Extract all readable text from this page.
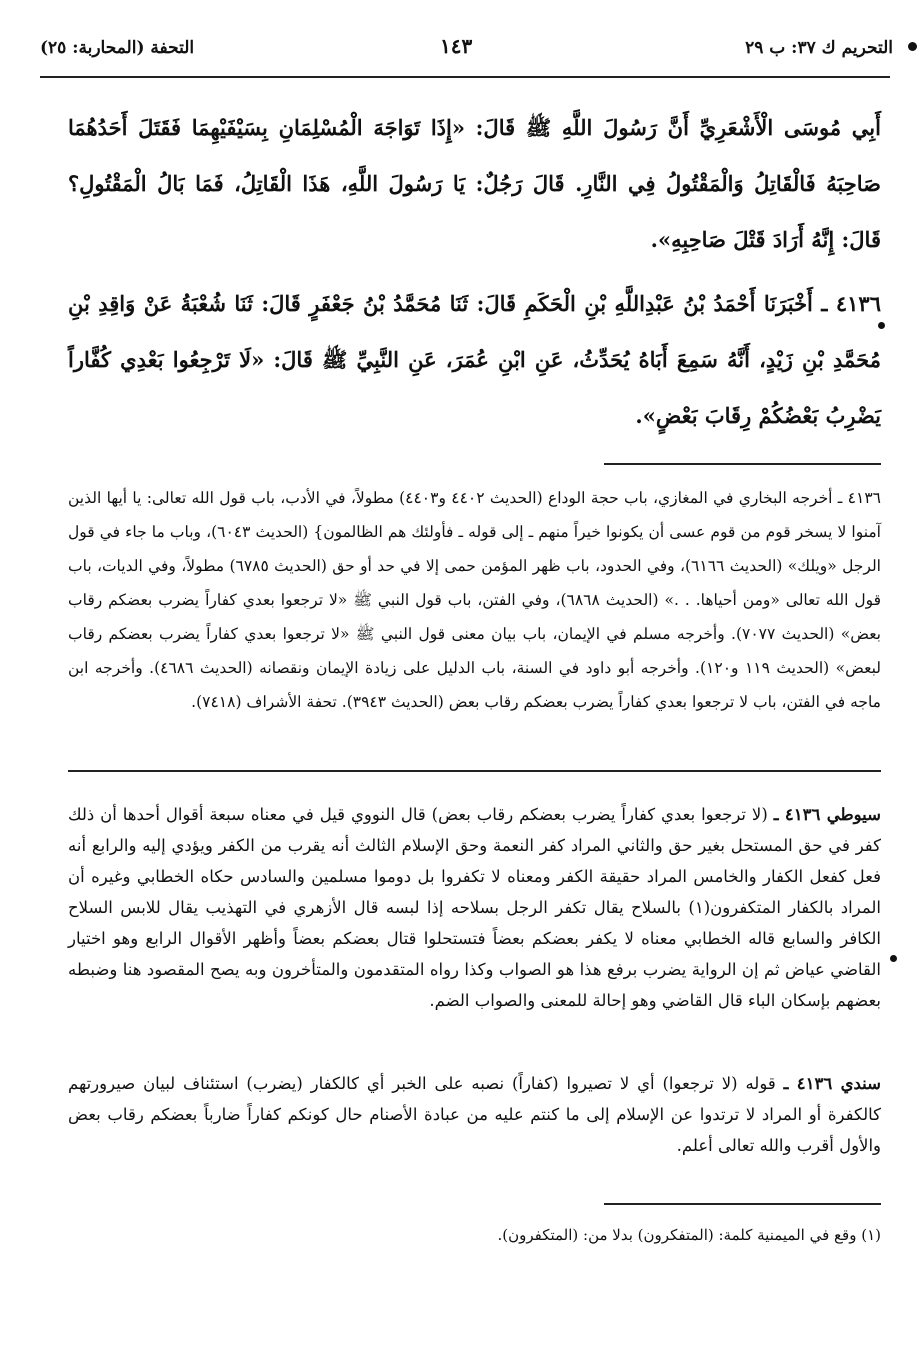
التحريم ك ٣٧: ب ٢٩
١٤٣
التحفة (المحاربة: ٢٥)
أَبِي مُوسَى الْأَشْعَرِيِّ أَنَّ رَسُولَ اللَّهِ ﷺ قَالَ: «إِذَا تَوَاجَهَ الْمُسْلِمَانِ بِسَيْفَيْهِمَا فَقَتَلَ أَحَدُهُمَا صَاحِبَهُ فَالْقَاتِلُ وَالْمَقْتُولُ فِي النَّارِ. قَالَ رَجُلٌ: يَا رَسُولَ اللَّهِ، هَذَا الْقَاتِلُ، فَمَا بَالُ الْمَقْتُولِ؟ قَالَ: إِنَّهُ أَرَادَ قَتْلَ صَاحِبِهِ».
٤١٣٦ ـ أَخْبَرَنَا أَحْمَدُ بْنُ عَبْدِاللَّهِ بْنِ الْحَكَمِ قَالَ: ثَنَا مُحَمَّدُ بْنُ جَعْفَرٍ قَالَ: ثَنَا شُعْبَةُ عَنْ وَاقِدِ بْنِ مُحَمَّدِ بْنِ زَيْدٍ، أَنَّهُ سَمِعَ أَبَاهُ يُحَدِّثُ، عَنِ ابْنِ عُمَرَ، عَنِ النَّبِيِّ ﷺ قَالَ: «لَا تَرْجِعُوا بَعْدِي كُفَّاراً يَضْرِبُ بَعْضُكُمْ رِقَابَ بَعْضٍ».
٤١٣٦ ـ أخرجه البخاري في المغازي، باب حجة الوداع (الحديث ٤٤٠٢ و٤٤٠٣) مطولاً، في الأدب، باب قول الله تعالى: يا أيها الذين آمنوا لا يسخر قوم من قوم عسى أن يكونوا خيراً منهم ـ إلى قوله ـ فأولئك هم الظالمون} (الحديث ٦٠٤٣)، وباب ما جاء في قول الرجل «ويلك» (الحديث ٦١٦٦)، وفي الحدود، باب ظهر المؤمن حمى إلا في حد أو حق (الحديث ٦٧٨٥) مطولاً، وفي الديات، باب قول الله تعالى «ومن أحياها. . .» (الحديث ٦٨٦٨)، وفي الفتن، باب قول النبي ﷺ «لا ترجعوا بعدي كفاراً يضرب بعضكم رقاب بعض» (الحديث ٧٠٧٧). وأخرجه مسلم في الإيمان، باب بيان معنى قول النبي ﷺ «لا ترجعوا بعدي كفاراً يضرب بعضكم رقاب لبعض» (الحديث ١١٩ و١٢٠). وأخرجه أبو داود في السنة، باب الدليل على زيادة الإيمان ونقصانه (الحديث ٤٦٨٦). وأخرجه ابن ماجه في الفتن، باب لا ترجعوا بعدي كفاراً يضرب بعضكم رقاب بعض (الحديث ٣٩٤٣). تحفة الأشراف (٧٤١٨).
سيوطي ٤١٣٦ ـ (لا ترجعوا بعدي كفاراً يضرب بعضكم رقاب بعض) قال النووي قيل في معناه سبعة أقوال أحدها أن ذلك كفر في حق المستحل بغير حق والثاني المراد كفر النعمة وحق الإسلام الثالث أنه يقرب من الكفر ويؤدي إليه والرابع أنه فعل كفعل الكفار والخامس المراد حقيقة الكفر ومعناه لا تكفروا بل دوموا مسلمين والسادس حكاه الخطابي وغيره أن المراد بالكفار المتكفرون(١) بالسلاح يقال تكفر الرجل بسلاحه إذا لبسه قال الأزهري في التهذيب يقال للابس السلاح الكافر والسابع قاله الخطابي معناه لا يكفر بعضكم بعضاً فتستحلوا قتال بعضكم بعضاً وأظهر الأقوال الرابع وهو اختيار القاضي عياض ثم إن الرواية يضرب برفع هذا هو الصواب وكذا رواه المتقدمون والمتأخرون وبه يصح المقصود هنا وضبطه بعضهم بإسكان الباء قال القاضي وهو إحالة للمعنى والصواب الضم.
سندي ٤١٣٦ ـ قوله (لا ترجعوا) أي لا تصيروا (كفاراً) نصبه على الخبر أي كالكفار (يضرب) استئناف لبيان صيرورتهم كالكفرة أو المراد لا ترتدوا عن الإسلام إلى ما كنتم عليه من عبادة الأصنام حال كونكم كفاراً ضارباً بعضكم رقاب بعض والأول أقرب والله تعالى أعلم.
(١) وقع في الميمنية كلمة: (المتفكرون) بدلا من: (المتكفرون).
